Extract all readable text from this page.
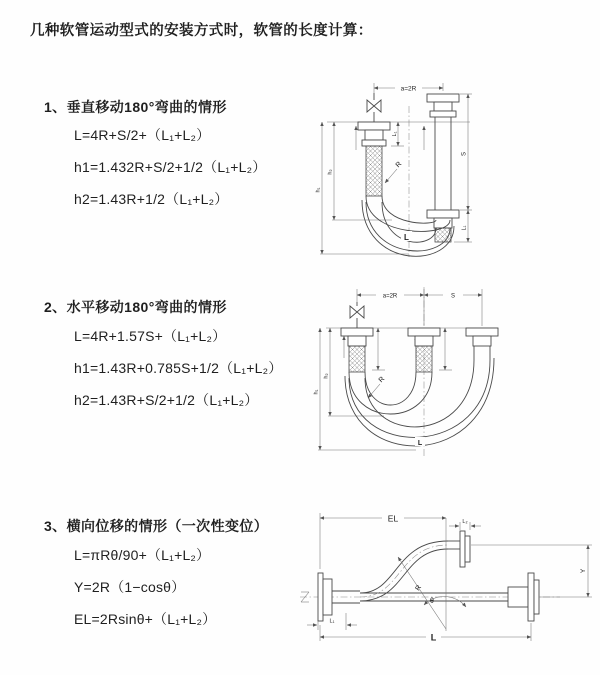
几种软管运动型式的安装方式时，软管的长度计算：
1、垂直移动180°弯曲的情形
L=4R+S/2+（L₁+L₂）
h1=1.432R+S/2+1/2（L₁+L₂）
h2=1.43R+1/2（L₁+L₂）
2、水平移动180°弯曲的情形
L=4R+1.57S+（L₁+L₂）
h1=1.43R+0.785S+1/2（L₁+L₂）
h2=1.43R+S/2+1/2（L₁+L₂）
3、横向位移的情形（一次性变位）
L=πRθ/90+（L₁+L₂）
Y=2R（1−cosθ）
EL=2Rsinθ+（L₁+L₂）
a=2R
h₁
h₂
L₁
S
L₁
R
L
a=2R	S
h₁
h₂	R
L
R
θ
EL	L₂
Y
L₁
L
